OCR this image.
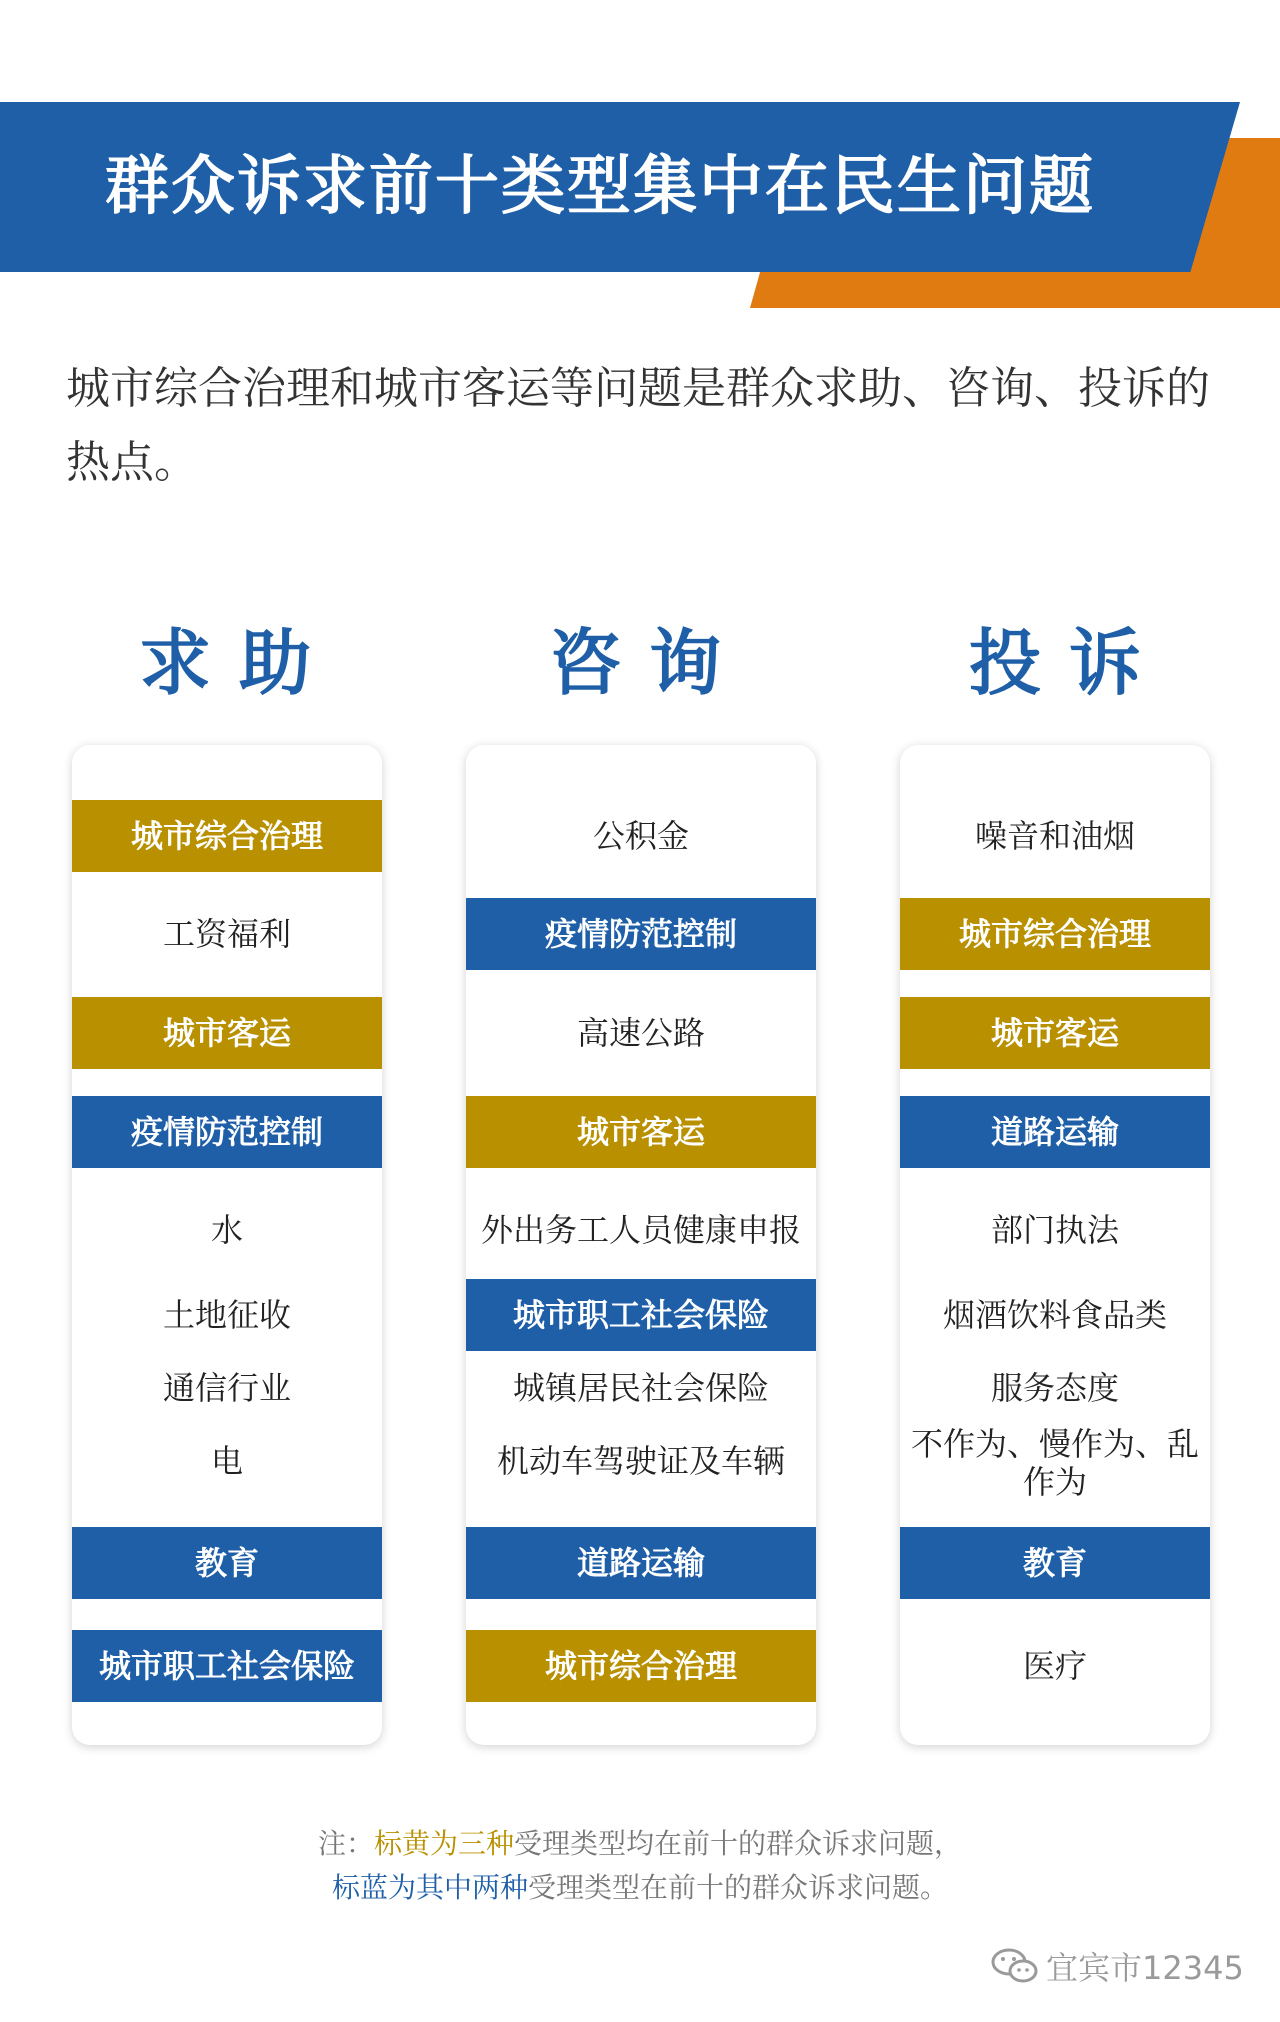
群众诉求前十类型集中在民生问题
城市综合治理和城市客运等问题是群众求助、咨询、投诉的热点。
求助	咨询	投诉
城市综合治理
工资福利
城市客运
疫情防范控制
水
土地征收
通信行业
电
教育
城市职工社会保险
公积金
疫情防范控制
高速公路
城市客运
外出务工人员健康申报
城市职工社会保险
城镇居民社会保险
机动车驾驶证及车辆
道路运输
城市综合治理
噪音和油烟
城市综合治理
城市客运
道路运输
部门执法
烟酒饮料食品类
服务态度
不作为、慢作为、乱作为
教育
医疗
注：标黄为三种受理类型均在前十的群众诉求问题，
标蓝为其中两种受理类型在前十的群众诉求问题。
宜宾市12345
